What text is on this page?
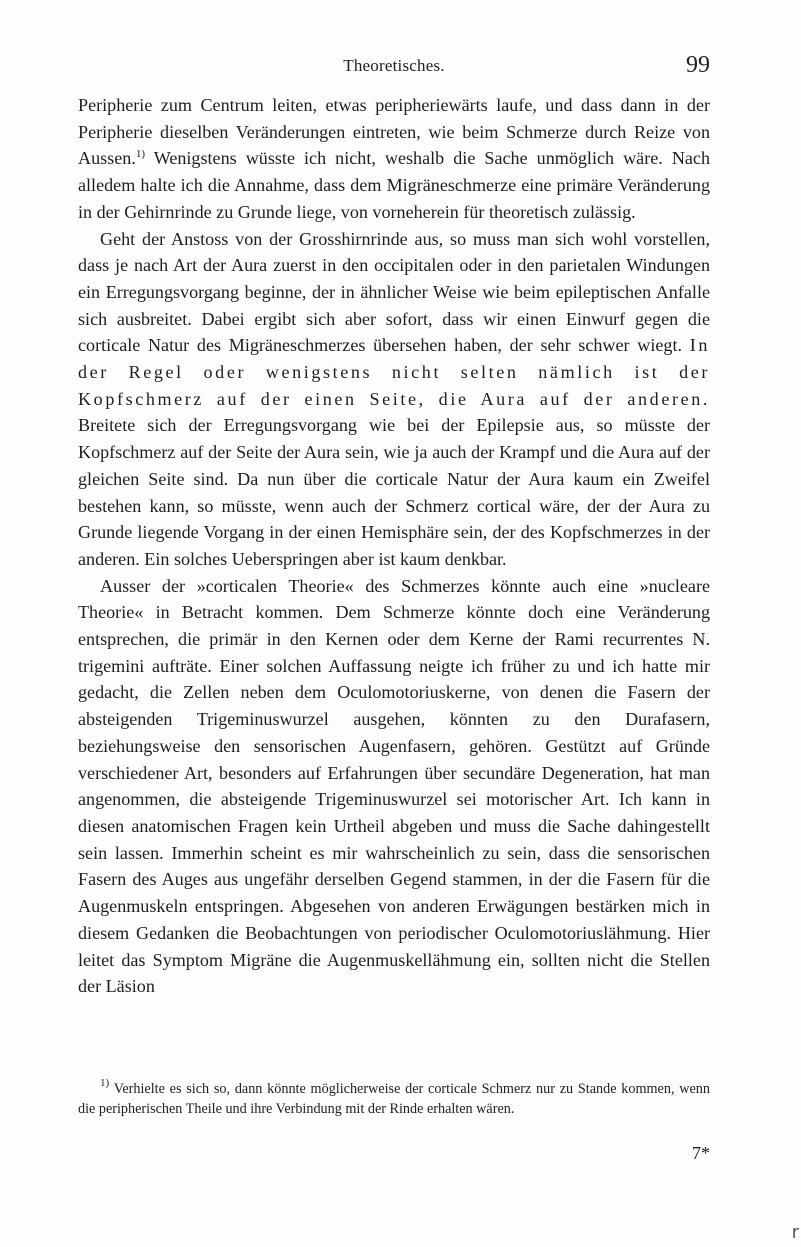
Theoretisches.	99

Peripherie zum Centrum leiten, etwas peripheriewärts laufe, und dass dann in der Peripherie dieselben Veränderungen eintreten, wie beim Schmerze durch Reize von Aussen.$^{1)}$ Wenigstens wüsste ich nicht, weshalb die Sache unmöglich wäre. Nach alledem halte ich die Annahme, dass dem Migräneschmerze eine primäre Veränderung in der Gehirnrinde zu Grunde liege, von vorneherein für theoretisch zulässig.

Geht der Anstoss von der Grosshirnrinde aus, so muss man sich wohl vorstellen, dass je nach Art der Aura zuerst in den occipitalen oder in den parietalen Windungen ein Erregungsvorgang beginne, der in ähnlicher Weise wie beim epileptischen Anfalle sich ausbreitet. Dabei ergibt sich aber sofort, dass wir einen Einwurf gegen die corticale Natur des Migräneschmerzes übersehen haben, der sehr schwer wiegt. In der Regel oder wenigstens nicht selten nämlich ist der Kopfschmerz auf der einen Seite, die Aura auf der anderen. Breitete sich der Erregungsvorgang wie bei der Epilepsie aus, so müsste der Kopfschmerz auf der Seite der Aura sein, wie ja auch der Krampf und die Aura auf der gleichen Seite sind. Da nun über die corticale Natur der Aura kaum ein Zweifel bestehen kann, so müsste, wenn auch der Schmerz cortical wäre, der der Aura zu Grunde liegende Vorgang in der einen Hemisphäre sein, der des Kopfschmerzes in der anderen. Ein solches Ueberspringen aber ist kaum denkbar.

Ausser der »corticalen Theorie« des Schmerzes könnte auch eine »nucleare Theorie« in Betracht kommen. Dem Schmerze könnte doch eine Veränderung entsprechen, die primär in den Kernen oder dem Kerne der Rami recurrentes N. trigemini aufträte. Einer solchen Auffassung neigte ich früher zu und ich hatte mir gedacht, die Zellen neben dem Oculomotoriuskerne, von denen die Fasern der absteigenden Trigeminuswurzel ausgehen, könnten zu den Durafasern, beziehungsweise den sensorischen Augenfasern, gehören. Gestützt auf Gründe verschiedener Art, besonders auf Erfahrungen über secundäre Degeneration, hat man angenommen, die absteigende Trigeminuswurzel sei motorischer Art. Ich kann in diesen anatomischen Fragen kein Urtheil abgeben und muss die Sache dahingestellt sein lassen. Immerhin scheint es mir wahrscheinlich zu sein, dass die sensorischen Fasern des Auges aus ungefähr derselben Gegend stammen, in der die Fasern für die Augenmuskeln entspringen. Abgesehen von anderen Erwägungen bestärken mich in diesem Gedanken die Beobachtungen von periodischer Oculomotoriuslähmung. Hier leitet das Symptom Migräne die Augenmuskellähmung ein, sollten nicht die Stellen der Läsion

$^{1)}$ Verhielte es sich so, dann könnte möglicherweise der corticale Schmerz nur zu Stande kommen, wenn die peripherischen Theile und ihre Verbindung mit der Rinde erhalten wären.

7*
r
